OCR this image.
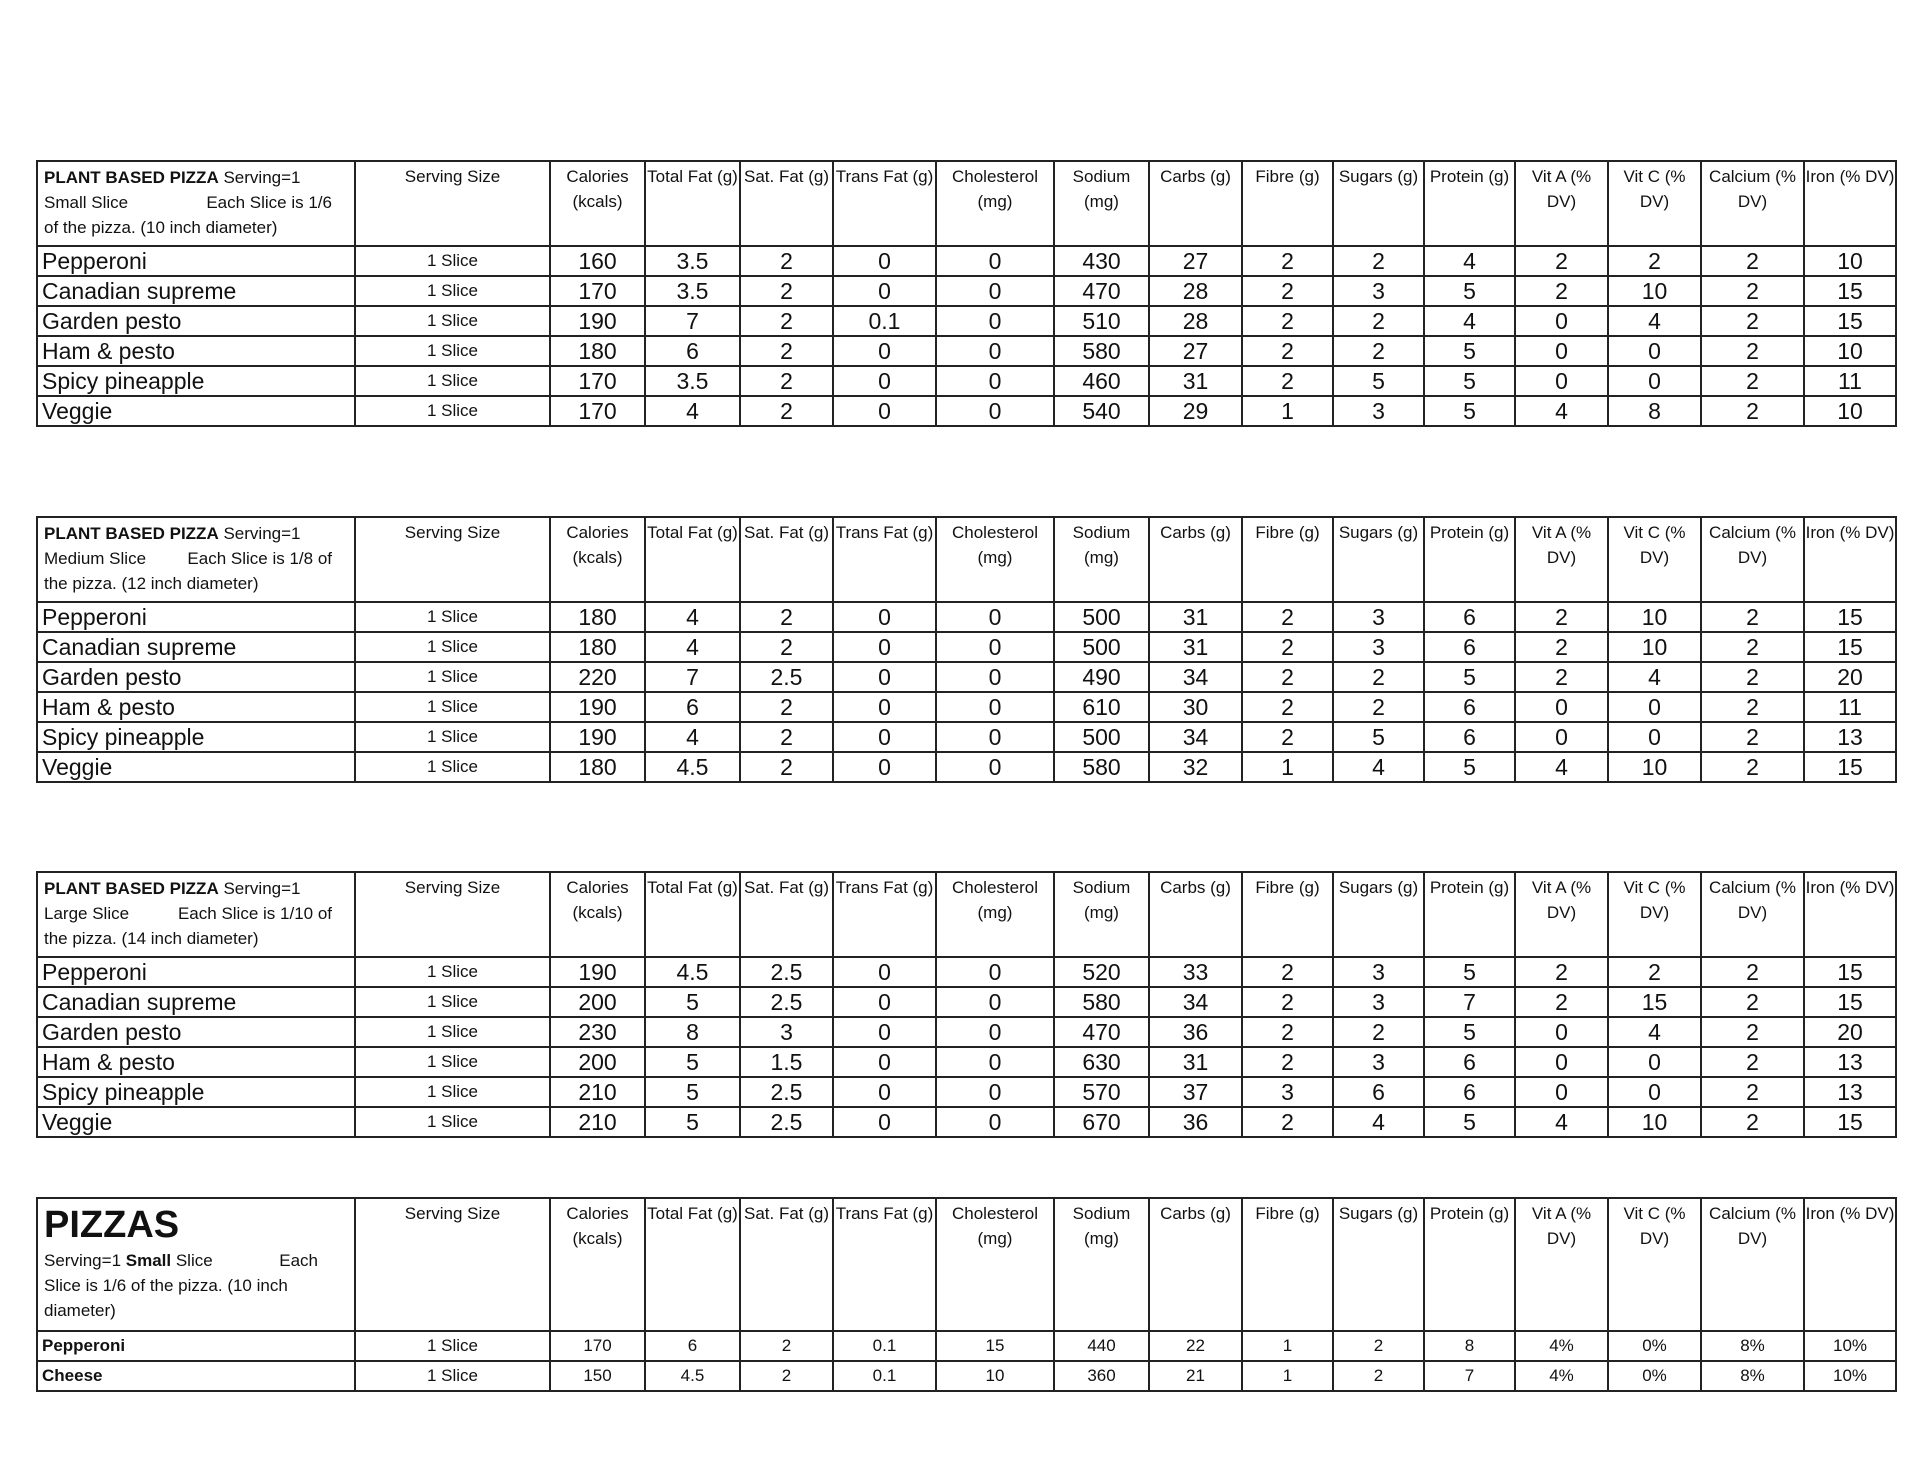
PLANT BASED PIZZA Serving=1
Small Slice Each Slice is 1/6
of the pizza. (10 inch diameter)	Serving Size	Calories (kcals)	Total Fat (g)	Sat. Fat (g)	Trans Fat (g)	Cholesterol (mg)	Sodium (mg)	Carbs (g)	Fibre (g)	Sugars (g)	Protein (g)	Vit A (% DV)	Vit C (% DV)	Calcium (% DV)	Iron (% DV)
Pepperoni	1 Slice	160	3.5	2	0	0	430	27	2	2	4	2	2	2	10
Canadian supreme	1 Slice	170	3.5	2	0	0	470	28	2	3	5	2	10	2	15
Garden pesto	1 Slice	190	7	2	0.1	0	510	28	2	2	4	0	4	2	15
Ham & pesto	1 Slice	180	6	2	0	0	580	27	2	2	5	0	0	2	10
Spicy pineapple	1 Slice	170	3.5	2	0	0	460	31	2	5	5	0	0	2	11
Veggie	1 Slice	170	4	2	0	0	540	29	1	3	5	4	8	2	10
PLANT BASED PIZZA Serving=1
Medium Slice Each Slice is 1/8 of
the pizza. (12 inch diameter)	Serving Size	Calories (kcals)	Total Fat (g)	Sat. Fat (g)	Trans Fat (g)	Cholesterol (mg)	Sodium (mg)	Carbs (g)	Fibre (g)	Sugars (g)	Protein (g)	Vit A (% DV)	Vit C (% DV)	Calcium (% DV)	Iron (% DV)
Pepperoni	1 Slice	180	4	2	0	0	500	31	2	3	6	2	10	2	15
Canadian supreme	1 Slice	180	4	2	0	0	500	31	2	3	6	2	10	2	15
Garden pesto	1 Slice	220	7	2.5	0	0	490	34	2	2	5	2	4	2	20
Ham & pesto	1 Slice	190	6	2	0	0	610	30	2	2	6	0	0	2	11
Spicy pineapple	1 Slice	190	4	2	0	0	500	34	2	5	6	0	0	2	13
Veggie	1 Slice	180	4.5	2	0	0	580	32	1	4	5	4	10	2	15
PLANT BASED PIZZA Serving=1
Large Slice Each Slice is 1/10 of
the pizza. (14 inch diameter)	Serving Size	Calories (kcals)	Total Fat (g)	Sat. Fat (g)	Trans Fat (g)	Cholesterol (mg)	Sodium (mg)	Carbs (g)	Fibre (g)	Sugars (g)	Protein (g)	Vit A (% DV)	Vit C (% DV)	Calcium (% DV)	Iron (% DV)
Pepperoni	1 Slice	190	4.5	2.5	0	0	520	33	2	3	5	2	2	2	15
Canadian supreme	1 Slice	200	5	2.5	0	0	580	34	2	3	7	2	15	2	15
Garden pesto	1 Slice	230	8	3	0	0	470	36	2	2	5	0	4	2	20
Ham & pesto	1 Slice	200	5	1.5	0	0	630	31	2	3	6	0	0	2	13
Spicy pineapple	1 Slice	210	5	2.5	0	0	570	37	3	6	6	0	0	2	13
Veggie	1 Slice	210	5	2.5	0	0	670	36	2	4	5	4	10	2	15
PIZZAS
Serving=1 Small Slice Each
Slice is 1/6 of the pizza. (10 inch
diameter)	Serving Size	Calories (kcals)	Total Fat (g)	Sat. Fat (g)	Trans Fat (g)	Cholesterol (mg)	Sodium (mg)	Carbs (g)	Fibre (g)	Sugars (g)	Protein (g)	Vit A (% DV)	Vit C (% DV)	Calcium (% DV)	Iron (% DV)
Pepperoni	1 Slice	170	6	2	0.1	15	440	22	1	2	8	4%	0%	8%	10%
Cheese	1 Slice	150	4.5	2	0.1	10	360	21	1	2	7	4%	0%	8%	10%
